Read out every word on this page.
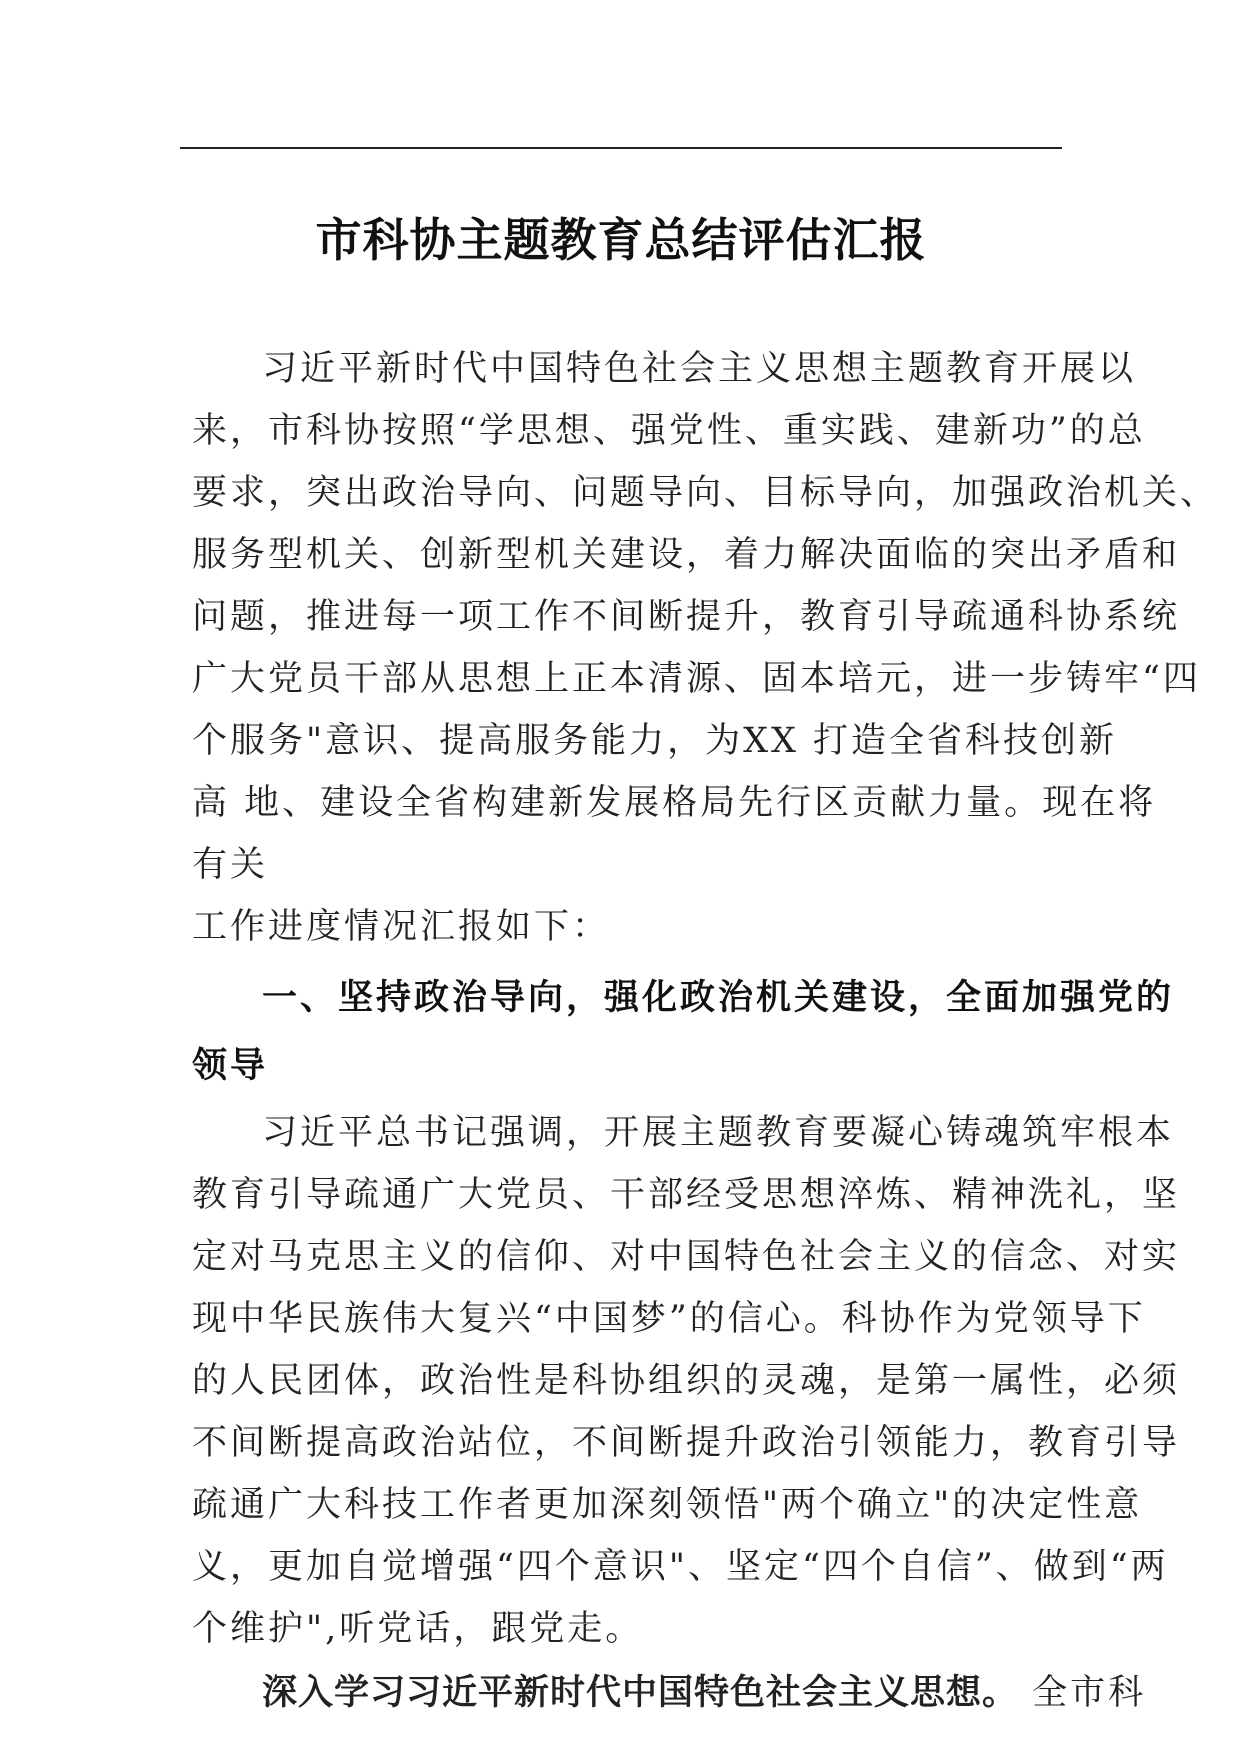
市科协主题教育总结评估汇报
习近平新时代中国特色社会主义思想主题教育开展以
来，市科协按照“学思想、强党性、重实践、建新功”的总
要求，突出政治导向、问题导向、目标导向，加强政治机关、
服务型机关、创新型机关建设，着力解决面临的突出矛盾和
问题，推进每一项工作不间断提升，教育引导疏通科协系统
广大党员干部从思想上正本清源、固本培元，进一步铸牢“四
个服务"意识、提高服务能力，为XX 打造全省科技创新
高 地、建设全省构建新发展格局先行区贡献力量。现在将
有关
工作进度情况汇报如下：
一、坚持政治导向，强化政治机关建设，全面加强党的
领导
习近平总书记强调，开展主题教育要凝心铸魂筑牢根本
教育引导疏通广大党员、干部经受思想淬炼、精神洗礼，坚
定对马克思主义的信仰、对中国特色社会主义的信念、对实
现中华民族伟大复兴“中国梦”的信心。科协作为党领导下
的人民团体，政治性是科协组织的灵魂，是第一属性，必须
不间断提高政治站位，不间断提升政治引领能力，教育引导
疏通广大科技工作者更加深刻领悟"两个确立"的决定性意
义，更加自觉增强“四个意识"、坚定“四个自信”、做到“两
个维护",听党话，跟党走。
深入学习习近平新时代中国特色社会主义思想。 全市科
